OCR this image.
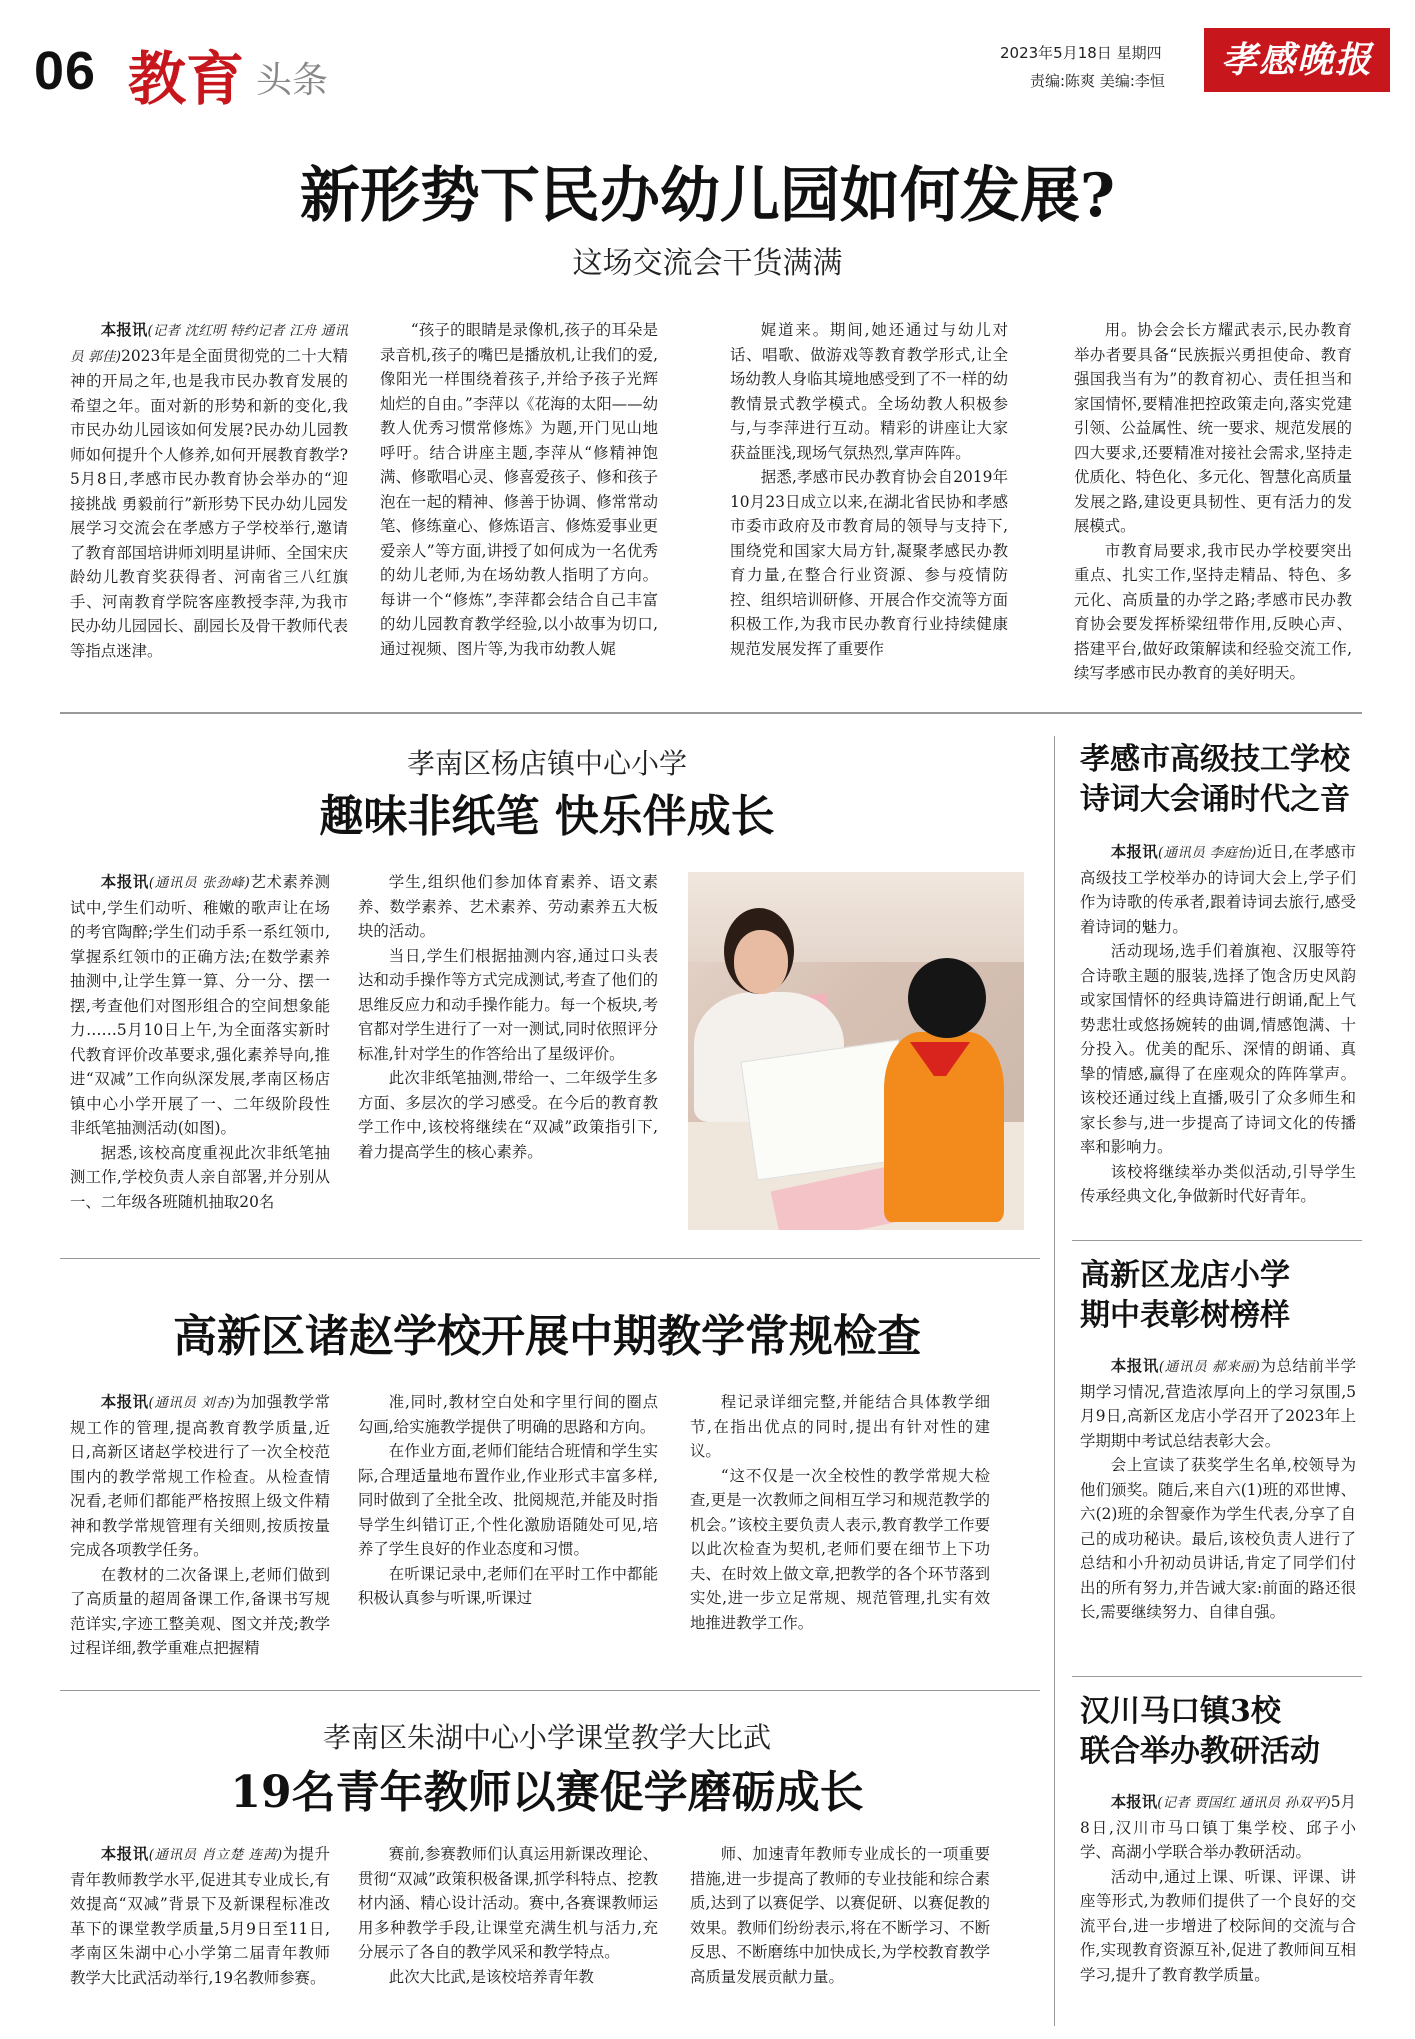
06 教育 头条
2023年5月18日 星期四
责编:陈爽 美编:李恒	孝感晚报
新形势下民办幼儿园如何发展?
这场交流会干货满满

本报讯(记者 沈红明 特约记者 江舟 通讯员 郭佳)2023年是全面贯彻党的二十大精神的开局之年,也是我市民办教育发展的希望之年。面对新的形势和新的变化,我市民办幼儿园该如何发展?民办幼儿园教师如何提升个人修养,如何开展教育教学?5月8日,孝感市民办教育协会举办的“迎接挑战 勇毅前行”新形势下民办幼儿园发展学习交流会在孝感方子学校举行,邀请了教育部国培讲师刘明星讲师、全国宋庆龄幼儿教育奖获得者、河南省三八红旗手、河南教育学院客座教授李萍,为我市民办幼儿园园长、副园长及骨干教师代表等指点迷津。

“孩子的眼睛是录像机,孩子的耳朵是录音机,孩子的嘴巴是播放机,让我们的爱,像阳光一样围绕着孩子,并给予孩子光辉灿烂的自由。”李萍以《花海的太阳——幼教人优秀习惯常修炼》为题,开门见山地呼吁。结合讲座主题,李萍从“修精神饱满、修歌唱心灵、修喜爱孩子、修和孩子泡在一起的精神、修善于协调、修常常动笔、修练童心、修炼语言、修炼爱事业更爱亲人”等方面,讲授了如何成为一名优秀的幼儿老师,为在场幼教人指明了方向。每讲一个“修炼”,李萍都会结合自己丰富的幼儿园教育教学经验,以小故事为切口,通过视频、图片等,为我市幼教人娓

娓道来。期间,她还通过与幼儿对话、唱歌、做游戏等教育教学形式,让全场幼教人身临其境地感受到了不一样的幼教情景式教学模式。全场幼教人积极参与,与李萍进行互动。精彩的讲座让大家获益匪浅,现场气氛热烈,掌声阵阵。

据悉,孝感市民办教育协会自2019年10月23日成立以来,在湖北省民协和孝感市委市政府及市教育局的领导与支持下,围绕党和国家大局方针,凝聚孝感民办教育力量,在整合行业资源、参与疫情防控、组织培训研修、开展合作交流等方面积极工作,为我市民办教育行业持续健康规范发展发挥了重要作

用。协会会长方耀武表示,民办教育举办者要具备“民族振兴勇担使命、教育强国我当有为”的教育初心、责任担当和家国情怀,要精准把控政策走向,落实党建引领、公益属性、统一要求、规范发展的四大要求,还要精准对接社会需求,坚持走优质化、特色化、多元化、智慧化高质量发展之路,建设更具韧性、更有活力的发展模式。

市教育局要求,我市民办学校要突出重点、扎实工作,坚持走精品、特色、多元化、高质量的办学之路;孝感市民办教育协会要发挥桥梁纽带作用,反映心声、搭建平台,做好政策解读和经验交流工作,续写孝感市民办教育的美好明天。

孝南区杨店镇中心小学
趣味非纸笔 快乐伴成长

本报讯(通讯员 张劲峰)艺术素养测试中,学生们动听、稚嫩的歌声让在场的考官陶醉;学生们动手系一系红领巾,掌握系红领巾的正确方法;在数学素养抽测中,让学生算一算、分一分、摆一摆,考查他们对图形组合的空间想象能力……5月10日上午,为全面落实新时代教育评价改革要求,强化素养导向,推进“双减”工作向纵深发展,孝南区杨店镇中心小学开展了一、二年级阶段性非纸笔抽测活动(如图)。

据悉,该校高度重视此次非纸笔抽测工作,学校负责人亲自部署,并分别从一、二年级各班随机抽取20名

学生,组织他们参加体育素养、语文素养、数学素养、艺术素养、劳动素养五大板块的活动。

当日,学生们根据抽测内容,通过口头表达和动手操作等方式完成测试,考查了他们的思维反应力和动手操作能力。每一个板块,考官都对学生进行了一对一测试,同时依照评分标准,针对学生的作答给出了星级评价。

此次非纸笔抽测,带给一、二年级学生多方面、多层次的学习感受。在今后的教育教学工作中,该校将继续在“双减”政策指引下,着力提高学生的核心素养。

高新区诸赵学校开展中期教学常规检查

本报讯(通讯员 刘杏)为加强教学常规工作的管理,提高教育教学质量,近日,高新区诸赵学校进行了一次全校范围内的教学常规工作检查。从检查情况看,老师们都能严格按照上级文件精神和教学常规管理有关细则,按质按量完成各项教学任务。

在教材的二次备课上,老师们做到了高质量的超周备课工作,备课书写规范详实,字迹工整美观、图文并茂;教学过程详细,教学重难点把握精

准,同时,教材空白处和字里行间的圈点勾画,给实施教学提供了明确的思路和方向。

在作业方面,老师们能结合班情和学生实际,合理适量地布置作业,作业形式丰富多样,同时做到了全批全改、批阅规范,并能及时指导学生纠错订正,个性化激励语随处可见,培养了学生良好的作业态度和习惯。

在听课记录中,老师们在平时工作中都能积极认真参与听课,听课过

程记录详细完整,并能结合具体教学细节,在指出优点的同时,提出有针对性的建议。

“这不仅是一次全校性的教学常规大检查,更是一次教师之间相互学习和规范教学的机会。”该校主要负责人表示,教育教学工作要以此次检查为契机,老师们要在细节上下功夫、在时效上做文章,把教学的各个环节落到实处,进一步立足常规、规范管理,扎实有效地推进教学工作。

孝南区朱湖中心小学课堂教学大比武
19名青年教师以赛促学磨砺成长

本报讯(通讯员 肖立楚 连茜)为提升青年教师教学水平,促进其专业成长,有效提高“双减”背景下及新课程标准改革下的课堂教学质量,5月9日至11日,孝南区朱湖中心小学第二届青年教师教学大比武活动举行,19名教师参赛。

赛前,参赛教师们认真运用新课改理论、贯彻“双减”政策积极备课,抓学科特点、挖教材内涵、精心设计活动。赛中,各赛课教师运用多种教学手段,让课堂充满生机与活力,充分展示了各自的教学风采和教学特点。

此次大比武,是该校培养青年教

师、加速青年教师专业成长的一项重要措施,进一步提高了教师的专业技能和综合素质,达到了以赛促学、以赛促研、以赛促教的效果。教师们纷纷表示,将在不断学习、不断反思、不断磨练中加快成长,为学校教育教学高质量发展贡献力量。

孝感市高级技工学校
诗词大会诵时代之音

本报讯(通讯员 李庭怡)近日,在孝感市高级技工学校举办的诗词大会上,学子们作为诗歌的传承者,跟着诗词去旅行,感受着诗词的魅力。

活动现场,选手们着旗袍、汉服等符合诗歌主题的服装,选择了饱含历史风韵或家国情怀的经典诗篇进行朗诵,配上气势悲壮或悠扬婉转的曲调,情感饱满、十分投入。优美的配乐、深情的朗诵、真挚的情感,赢得了在座观众的阵阵掌声。该校还通过线上直播,吸引了众多师生和家长参与,进一步提高了诗词文化的传播率和影响力。

该校将继续举办类似活动,引导学生传承经典文化,争做新时代好青年。

高新区龙店小学
期中表彰树榜样

本报讯(通讯员 郝来丽)为总结前半学期学习情况,营造浓厚向上的学习氛围,5月9日,高新区龙店小学召开了2023年上学期期中考试总结表彰大会。

会上宣读了获奖学生名单,校领导为他们颁奖。随后,来自六(1)班的邓世博、六(2)班的余智豪作为学生代表,分享了自己的成功秘诀。最后,该校负责人进行了总结和小升初动员讲话,肯定了同学们付出的所有努力,并告诫大家:前面的路还很长,需要继续努力、自律自强。

汉川马口镇3校
联合举办教研活动

本报讯(记者 贾国红 通讯员 孙双平)5月8日,汉川市马口镇丁集学校、邱子小学、高湖小学联合举办教研活动。

活动中,通过上课、听课、评课、讲座等形式,为教师们提供了一个良好的交流平台,进一步增进了校际间的交流与合作,实现教育资源互补,促进了教师间互相学习,提升了教育教学质量。
